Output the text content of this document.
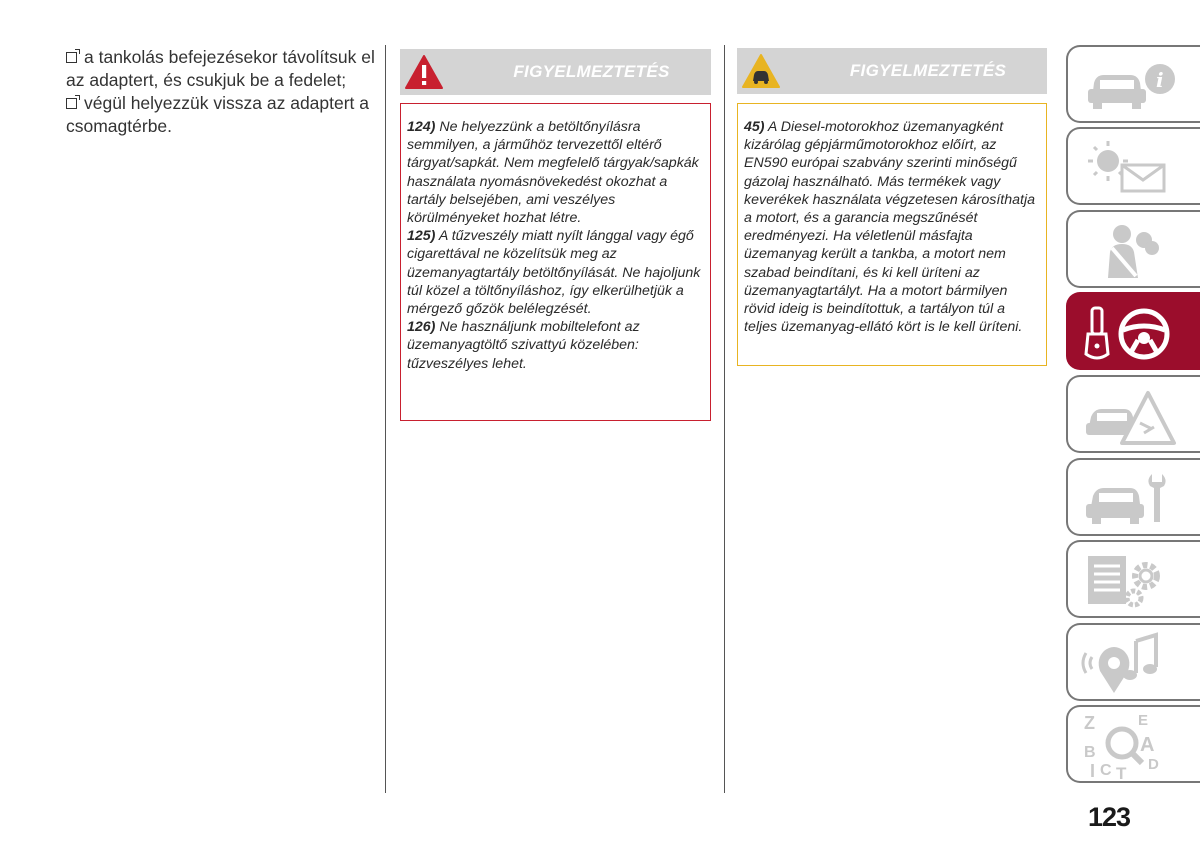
a tankolás befejezésekor távolítsuk el az adaptert, és csukjuk be a fedelet;
végül helyezzük vissza az adaptert a csomagtérbe.
FIGYELMEZTETÉS

124) Ne helyezzünk a betöltőnyílásra semmilyen, a járműhöz tervezettől eltérő tárgyat/sapkát. Nem megfelelő tárgyak/sapkák használata nyomásnövekedést okozhat a tartály belsejében, ami veszélyes körülményeket hozhat létre.

125) A tűzveszély miatt nyílt lánggal vagy égő cigarettával ne közelítsük meg az üzemanyagtartály betöltőnyílását. Ne hajoljunk túl közel a töltőnyíláshoz, így elkerülhetjük a mérgező gőzök belélegzését.

126) Ne használjunk mobiltelefont az üzemanyagtöltő szivattyú közelében: tűzveszélyes lehet.

FIGYELMEZTETÉS

45) A Diesel-motorokhoz üzemanyagként kizárólag gépjárműmotorokhoz előírt, az EN590 európai szabvány szerinti minőségű gázolaj használható. Más termékek vagy keverékek használata végzetesen károsíthatja a motort, és a garancia megszűnését eredményezi. Ha véletlenül másfajta üzemanyag került a tankba, a motort nem szabad beindítani, és ki kell üríteni az üzemanyagtartályt. Ha a motort bármilyen rövid ideig is beindítottuk, a tartályon túl a teljes üzemanyag-ellátó kört is le kell üríteni.

i
Z	E
B A
I C T D
123
